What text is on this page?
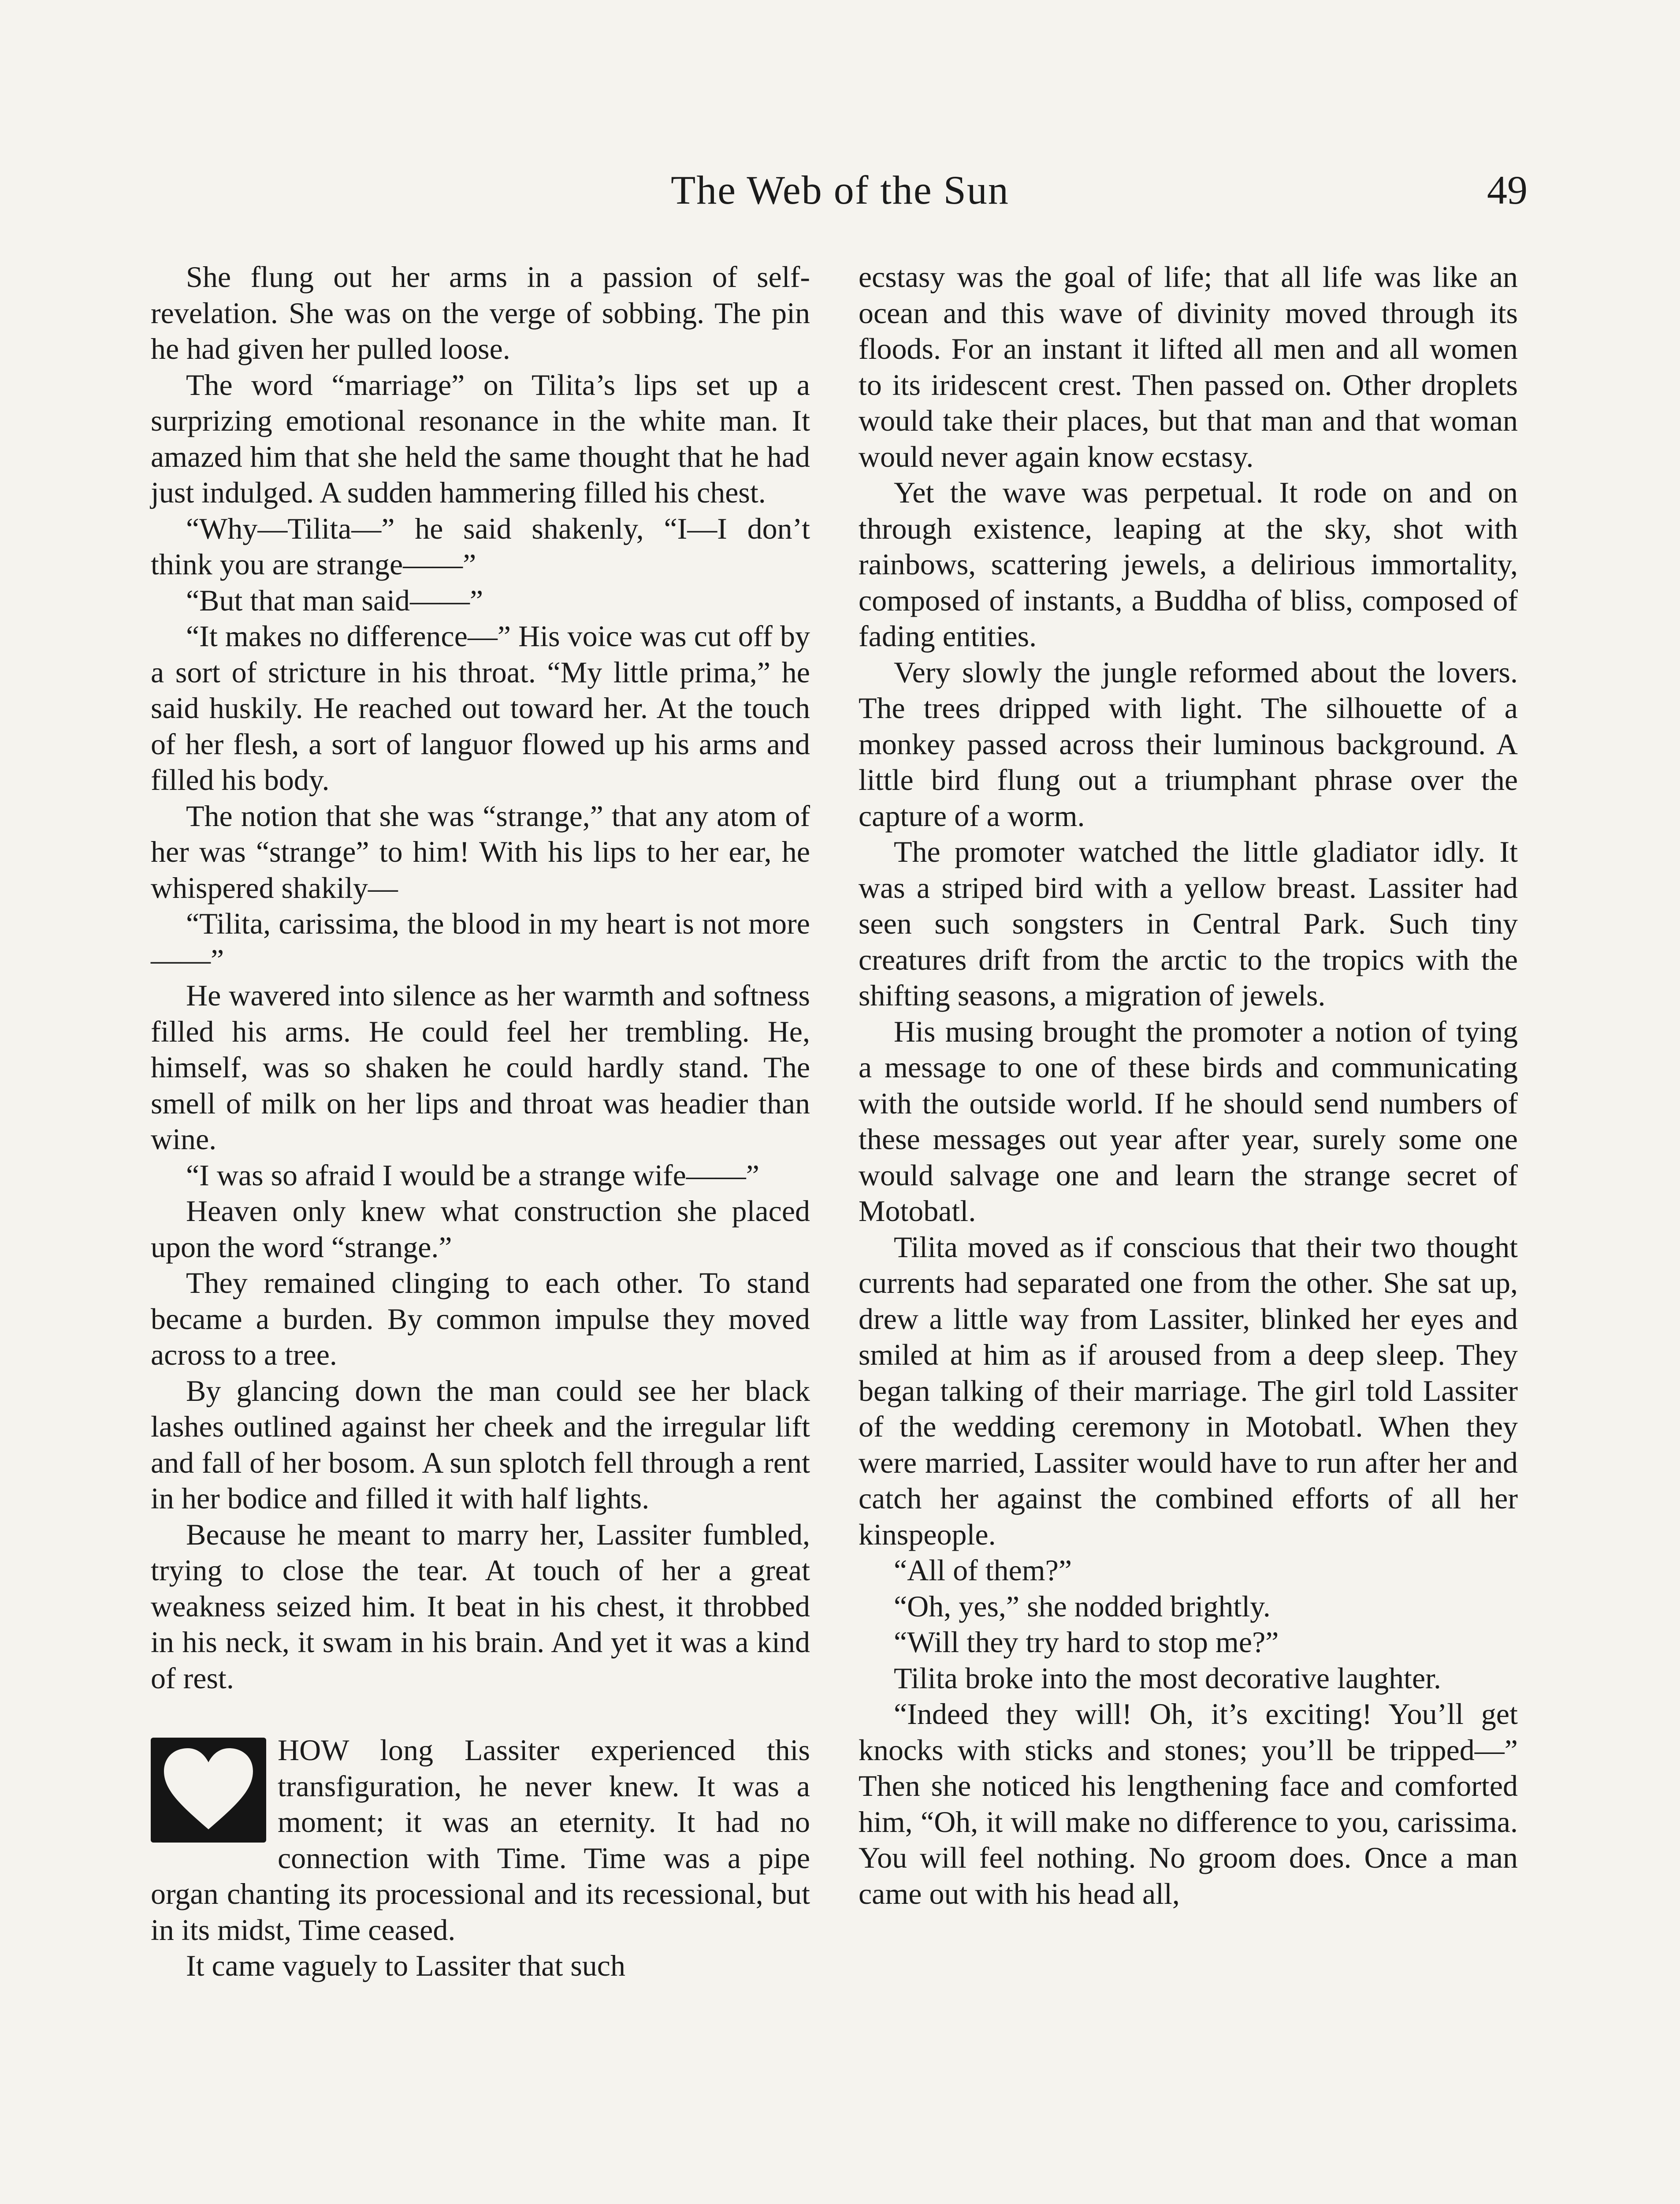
The Web of the Sun	49

She flung out her arms in a passion of self-revelation. She was on the verge of sobbing. The pin he had given her pulled loose.

The word “marriage” on Tilita’s lips set up a surprizing emotional resonance in the white man. It amazed him that she held the same thought that he had just indulged. A sudden hammering filled his chest.

“Why—Tilita—” he said shakenly, “I—I don’t think you are strange——”

“But that man said——”

“It makes no difference—” His voice was cut off by a sort of stricture in his throat. “My little prima,” he said huskily. He reached out toward her. At the touch of her flesh, a sort of languor flowed up his arms and filled his body.

The notion that she was “strange,” that any atom of her was “strange” to him! With his lips to her ear, he whispered shakily—

“Tilita, carissima, the blood in my heart is not more——”

He wavered into silence as her warmth and softness filled his arms. He could feel her trembling. He, himself, was so shaken he could hardly stand. The smell of milk on her lips and throat was headier than wine.

“I was so afraid I would be a strange wife——”

Heaven only knew what construction she placed upon the word “strange.”

They remained clinging to each other. To stand became a burden. By common impulse they moved across to a tree.

By glancing down the man could see her black lashes outlined against her cheek and the irregular lift and fall of her bosom. A sun splotch fell through a rent in her bodice and filled it with half lights.

Because he meant to marry her, Lassiter fumbled, trying to close the tear. At touch of her a great weakness seized him. It beat in his chest, it throbbed in his neck, it swam in his brain. And yet it was a kind of rest.

HOW long Lassiter experienced this transfiguration, he never knew. It was a moment; it was an eternity. It had no connection with Time. Time was a pipe organ chanting its processional and its recessional, but in its midst, Time ceased.

It came vaguely to Lassiter that such

ecstasy was the goal of life; that all life was like an ocean and this wave of divinity moved through its floods. For an instant it lifted all men and all women to its iridescent crest. Then passed on. Other droplets would take their places, but that man and that woman would never again know ecstasy.

Yet the wave was perpetual. It rode on and on through existence, leaping at the sky, shot with rainbows, scattering jewels, a delirious immortality, composed of instants, a Buddha of bliss, composed of fading entities.

Very slowly the jungle reformed about the lovers. The trees dripped with light. The silhouette of a monkey passed across their luminous background. A little bird flung out a triumphant phrase over the capture of a worm.

The promoter watched the little gladiator idly. It was a striped bird with a yellow breast. Lassiter had seen such songsters in Central Park. Such tiny creatures drift from the arctic to the tropics with the shifting seasons, a migration of jewels.

His musing brought the promoter a notion of tying a message to one of these birds and communicating with the outside world. If he should send numbers of these messages out year after year, surely some one would salvage one and learn the strange secret of Motobatl.

Tilita moved as if conscious that their two thought currents had separated one from the other. She sat up, drew a little way from Lassiter, blinked her eyes and smiled at him as if aroused from a deep sleep. They began talking of their marriage. The girl told Lassiter of the wedding ceremony in Motobatl. When they were married, Lassiter would have to run after her and catch her against the combined efforts of all her kinspeople.

“All of them?”

“Oh, yes,” she nodded brightly.

“Will they try hard to stop me?”

Tilita broke into the most decorative laughter.

“Indeed they will! Oh, it’s exciting! You’ll get knocks with sticks and stones; you’ll be tripped—” Then she noticed his lengthening face and comforted him, “Oh, it will make no difference to you, carissima. You will feel nothing. No groom does. Once a man came out with his head all,
